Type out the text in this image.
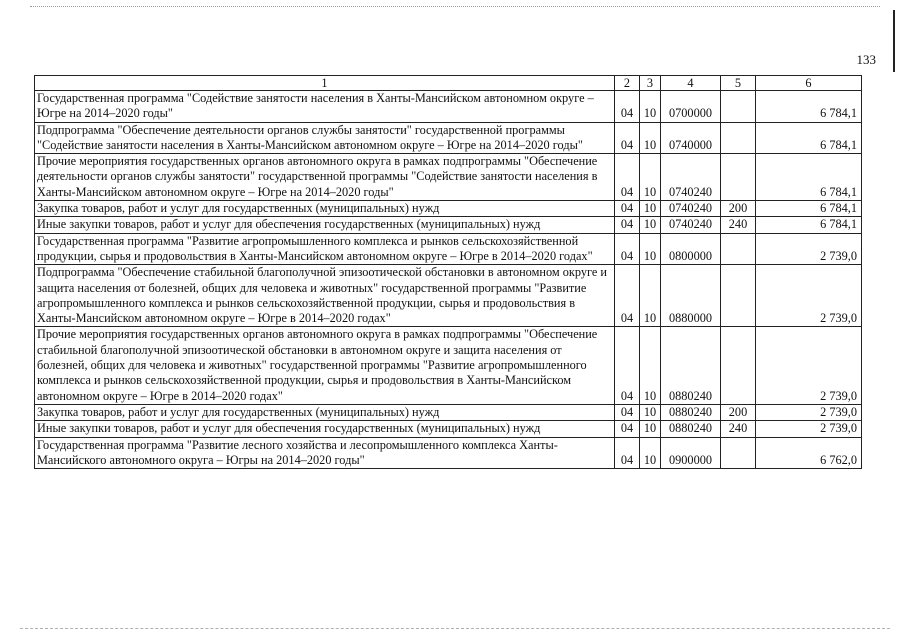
133
1	2	3	4	5	6
Государственная программа "Содействие занятости населения в Ханты-Мансийском автономном округе – Югре на 2014–2020 годы"	04	10	0700000		6 784,1
Подпрограмма "Обеспечение деятельности органов службы занятости" государственной программы "Содействие занятости населения в Ханты-Мансийском автономном округе – Югре на 2014–2020 годы"	04	10	0740000		6 784,1
Прочие мероприятия государственных органов автономного округа в рамках подпрограммы "Обеспечение деятельности органов службы занятости" государственной программы "Содействие занятости населения в Ханты-Мансийском автономном округе – Югре на 2014–2020 годы"	04	10	0740240		6 784,1
Закупка товаров, работ и услуг для государственных (муниципальных) нужд	04	10	0740240	200	6 784,1
Иные закупки товаров, работ и услуг для обеспечения государственных (муниципальных) нужд	04	10	0740240	240	6 784,1
Государственная программа "Развитие агропромышленного комплекса и рынков сельскохозяйственной продукции, сырья и продовольствия в Ханты-Мансийском автономном округе – Югре в 2014–2020 годах"	04	10	0800000		2 739,0
Подпрограмма "Обеспечение стабильной благополучной эпизоотической обстановки в автономном округе и защита населения от болезней, общих для человека и животных" государственной программы "Развитие агропромышленного комплекса и рынков сельскохозяйственной продукции, сырья и продовольствия в Ханты-Мансийском автономном округе – Югре в 2014–2020 годах"	04	10	0880000		2 739,0
Прочие мероприятия государственных органов автономного округа в рамках подпрограммы "Обеспечение стабильной благополучной эпизоотической обстановки в автономном округе и защита населения от болезней, общих для человека и животных" государственной программы "Развитие агропромышленного комплекса и рынков сельскохозяйственной продукции, сырья и продовольствия в Ханты-Мансийском автономном округе – Югре в 2014–2020 годах"	04	10	0880240		2 739,0
Закупка товаров, работ и услуг для государственных (муниципальных) нужд	04	10	0880240	200	2 739,0
Иные закупки товаров, работ и услуг для обеспечения государственных (муниципальных) нужд	04	10	0880240	240	2 739,0
Государственная программа "Развитие лесного хозяйства и лесопромышленного комплекса Ханты-Мансийского автономного округа – Югры на 2014–2020 годы"	04	10	0900000		6 762,0
